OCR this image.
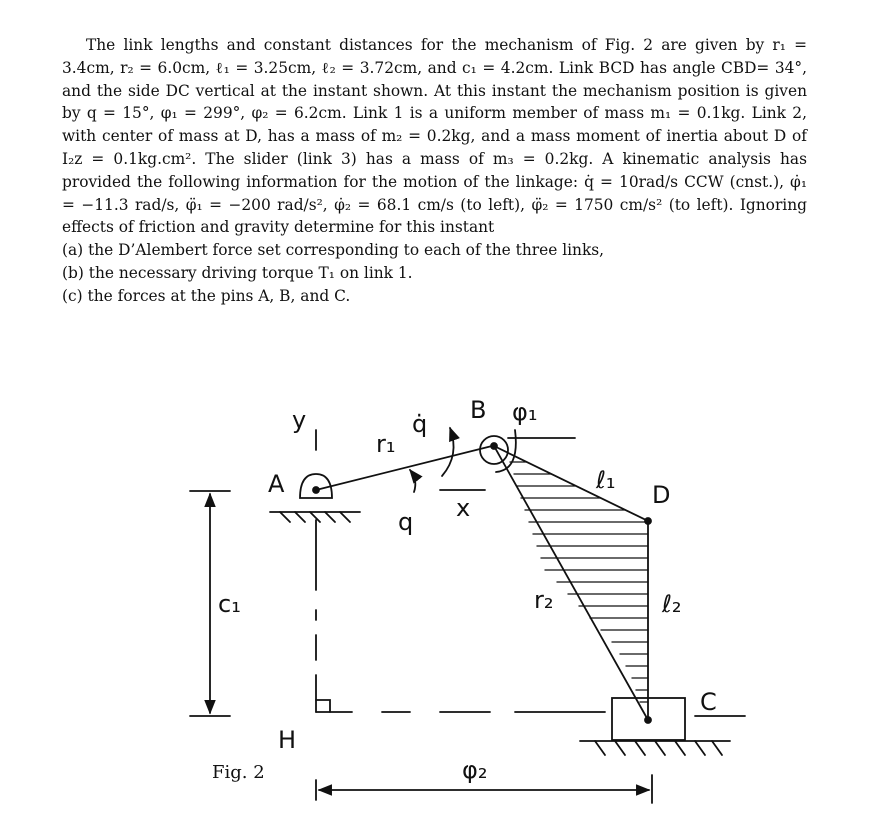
The link lengths and constant distances for the mechanism of Fig. 2 are given by r₁ = 3.4cm, r₂ = 6.0cm, ℓ₁ = 3.25cm, ℓ₂ = 3.72cm, and c₁ = 4.2cm. Link BCD has angle CBD= 34°, and the side DC vertical at the instant shown. At this instant the mechanism position is given by q = 15°, φ₁ = 299°, φ₂ = 6.2cm. Link 1 is a uniform member of mass m₁ = 0.1kg. Link 2, with center of mass at D, has a mass of m₂ = 0.2kg, and a mass moment of inertia about D of I₂z = 0.1kg.cm². The slider (link 3) has a mass of m₃ = 0.2kg. A kinematic analysis has provided the following information for the motion of the linkage: q̇ = 10rad/s CCW (cnst.), φ̇₁ = −11.3 rad/s, φ̈₁ = −200 rad/s², φ̇₂ = 68.1 cm/s (to left), φ̈₂ = 1750 cm/s² (to left). Ignoring effects of friction and gravity determine for this instant

(a) the D’Alembert force set corresponding to each of the three links,

(b) the necessary driving torque T₁ on link 1.

(c) the forces at the pins A, B, and C.

y
A
r₁
q̇ B φ₁
ℓ₁
D
x
q
r₂
c₁	ℓ₂
C
H
φ₂
Fig. 2
